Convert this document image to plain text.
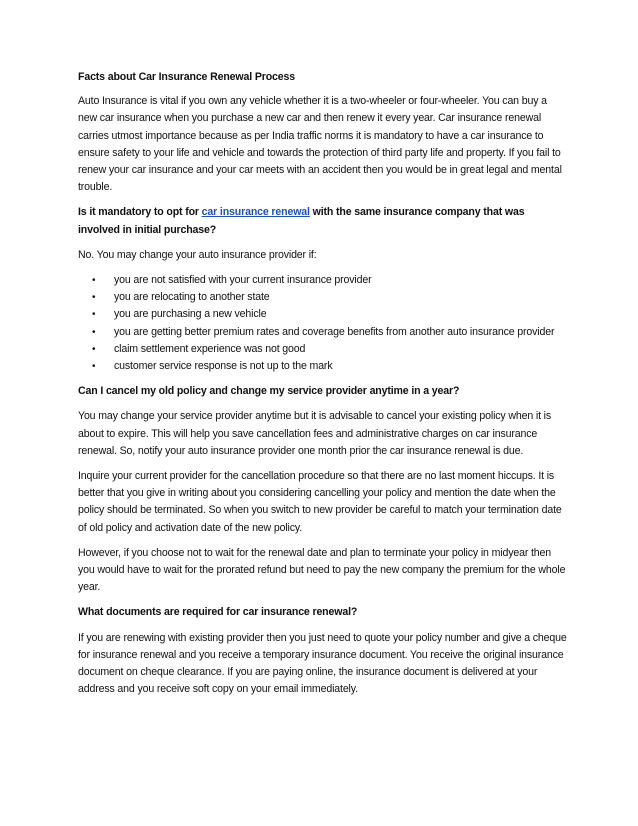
Facts about Car Insurance Renewal Process

Auto Insurance is vital if you own any vehicle whether it is a two-wheeler or four-wheeler. You can buy a new car insurance when you purchase a new car and then renew it every year. Car insurance renewal carries utmost importance because as per India traffic norms it is mandatory to have a car insurance to ensure safety to your life and vehicle and towards the protection of third party life and property. If you fail to renew your car insurance and your car meets with an accident then you would be in great legal and mental trouble.

Is it mandatory to opt for car insurance renewal with the same insurance company that was involved in initial purchase?

No. You may change your auto insurance provider if:

• you are not satisfied with your current insurance provider
• you are relocating to another state
• you are purchasing a new vehicle
• you are getting better premium rates and coverage benefits from another auto insurance provider
• claim settlement experience was not good
• customer service response is not up to the mark

Can I cancel my old policy and change my service provider anytime in a year?

You may change your service provider anytime but it is advisable to cancel your existing policy when it is about to expire. This will help you save cancellation fees and administrative charges on car insurance renewal. So, notify your auto insurance provider one month prior the car insurance renewal is due.

Inquire your current provider for the cancellation procedure so that there are no last moment hiccups. It is better that you give in writing about you considering cancelling your policy and mention the date when the policy should be terminated. So when you switch to new provider be careful to match your termination date of old policy and activation date of the new policy.

However, if you choose not to wait for the renewal date and plan to terminate your policy in midyear then you would have to wait for the prorated refund but need to pay the new company the premium for the whole year.

What documents are required for car insurance renewal?

If you are renewing with existing provider then you just need to quote your policy number and give a cheque for insurance renewal and you receive a temporary insurance document. You receive the original insurance document on cheque clearance. If you are paying online, the insurance document is delivered at your address and you receive soft copy on your email immediately.
